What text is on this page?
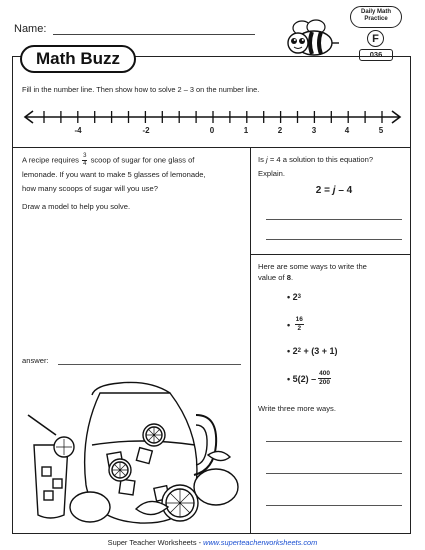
Name:
Daily Math
Practice
F
036
Math Buzz
Fill in the number line. Then show how to solve 2 – 3 on the number line.
-4	-2	0	1	2	3	4	5
A recipe requires $\frac{3}{4}$ scoop of sugar for one glass of
lemonade. If you want to make 5 glasses of lemonade,
how many scoops of sugar will you use?
Draw a model to help you solve.
answer:
Is j = 4 a solution to this equation?
Explain.
2 = j – 4
Here are some ways to write the
value of 8.
• 2 3
• 16
2
• 2 2
+ (3 + 1)
• 5(2) – 400
200
Write three more ways.
Super Teacher Worksheets - www.superteacherworksheets.com
